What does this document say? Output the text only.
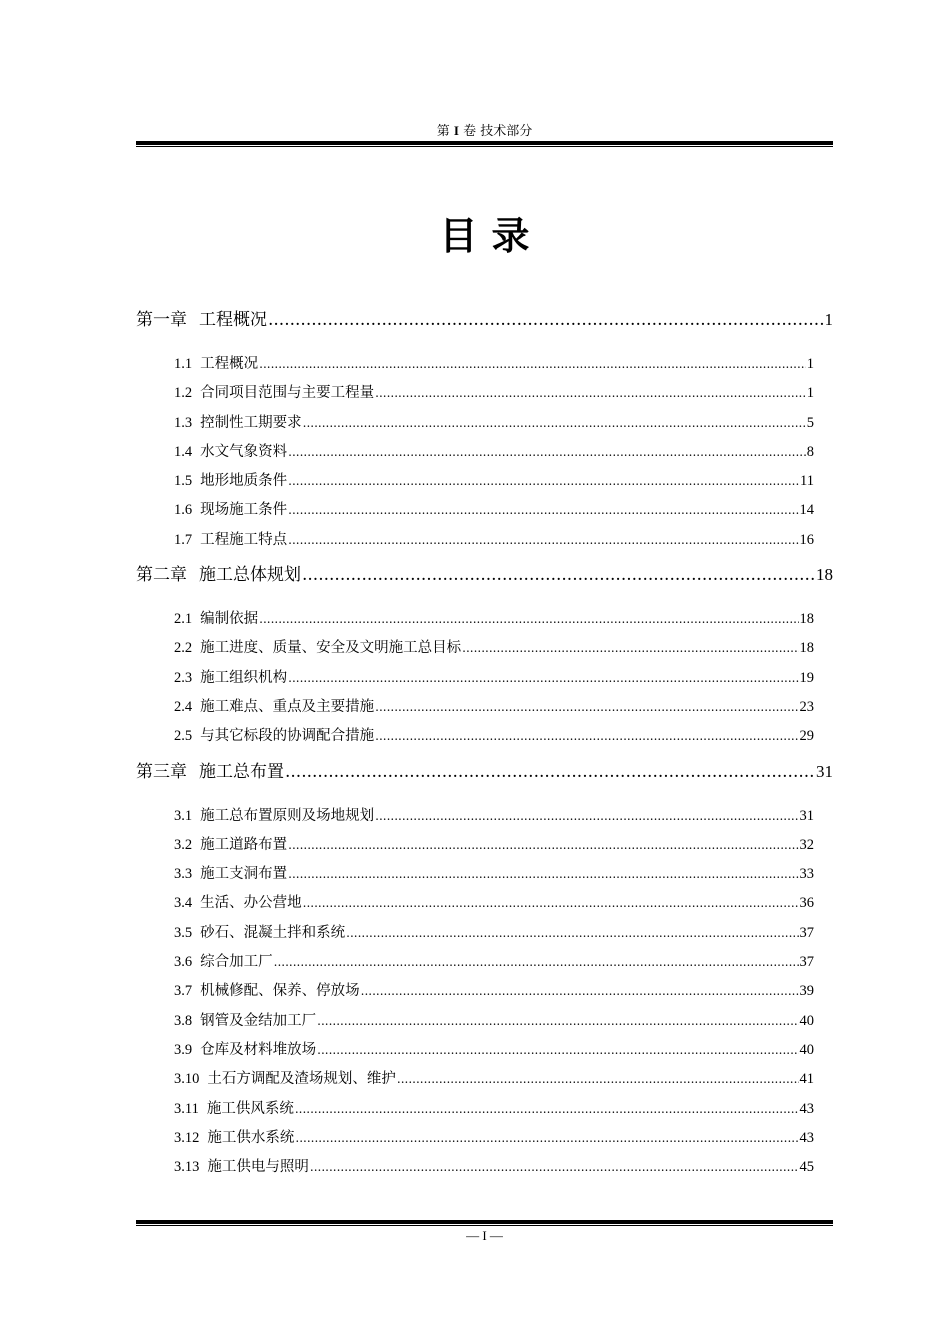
第 I 卷 技术部分
目录
第一章 工程概况 .....	1
1.1 工程概况 .....	1
1.2 合同项目范围与主要工程量 .....	1
1.3 控制性工期要求 .....	5
1.4 水文气象资料 .....	8
1.5 地形地质条件 .....	11
1.6 现场施工条件 .....	14
1.7 工程施工特点 .....	16
第二章 施工总体规划 .....	18
2.1 编制依据 .....	18
2.2 施工进度、质量、安全及文明施工总目标 .....	18
2.3 施工组织机构 .....	19
2.4 施工难点、重点及主要措施 .....	23
2.5 与其它标段的协调配合措施 .....	29
第三章 施工总布置 .....	31
3.1 施工总布置原则及场地规划 .....	31
3.2 施工道路布置 .....	32
3.3 施工支洞布置 .....	33
3.4 生活、办公营地 .....	36
3.5 砂石、混凝土拌和系统 .....	37
3.6 综合加工厂 .....	37
3.7 机械修配、保养、停放场 .....	39
3.8 钢管及金结加工厂 .....	40
3.9 仓库及材料堆放场 .....	40
3.10 土石方调配及渣场规划、维护 .....	41
3.11 施工供风系统 .....	43
3.12 施工供水系统 .....	43
3.13 施工供电与照明 .....	45
— I —
